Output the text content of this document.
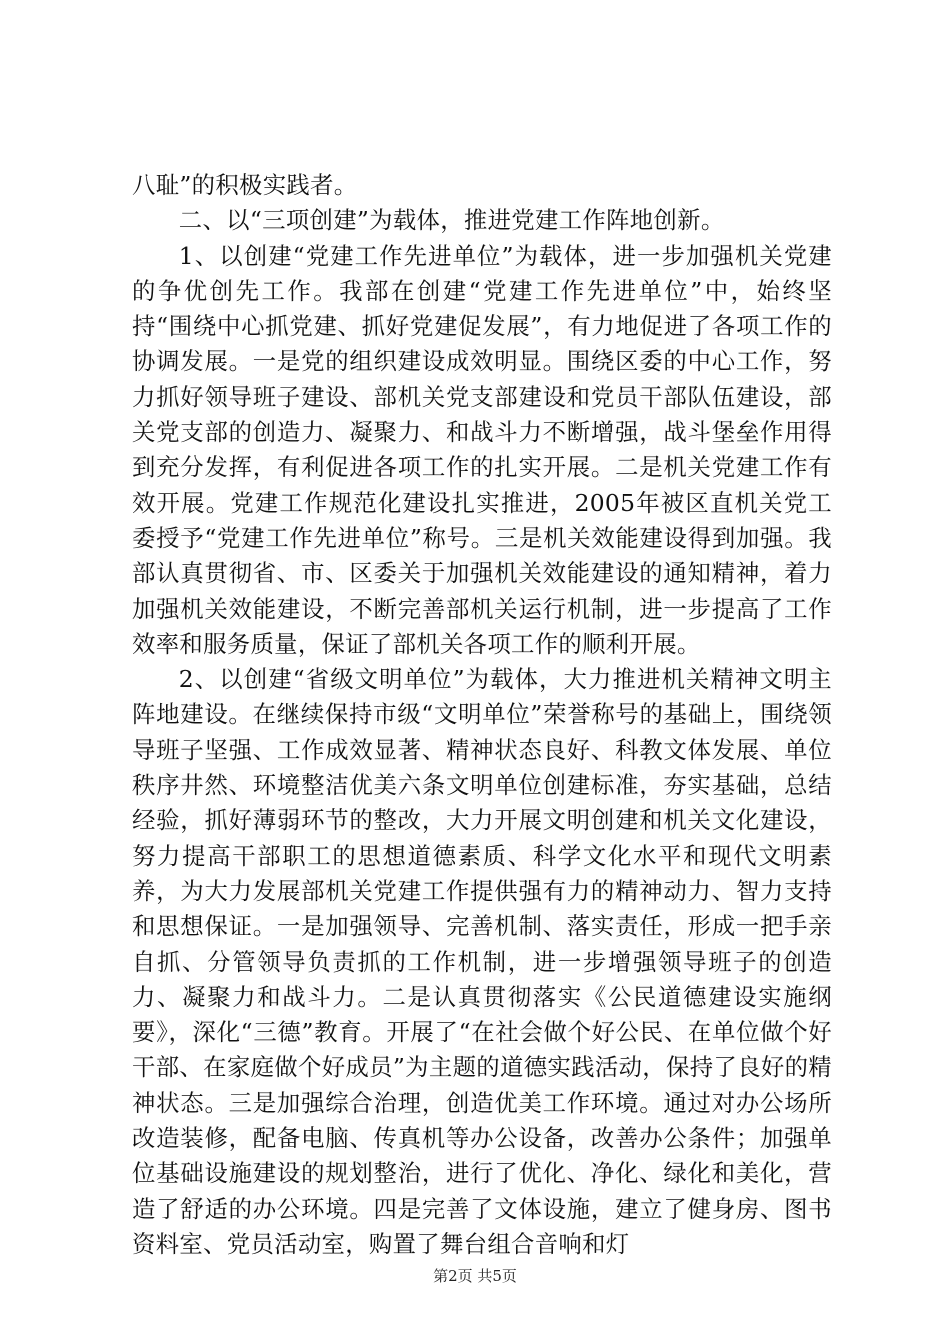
八耻”的积极实践者。

二、以“三项创建”为载体，推进党建工作阵地创新。

1、以创建“党建工作先进单位”为载体，进一步加强机关党建的争优创先工作。我部在创建“党建工作先进单位”中，始终坚持“围绕中心抓党建、抓好党建促发展”，有力地促进了各项工作的协调发展。一是党的组织建设成效明显。围绕区委的中心工作，努力抓好领导班子建设、部机关党支部建设和党员干部队伍建设，部关党支部的创造力、凝聚力、和战斗力不断增强，战斗堡垒作用得到充分发挥，有利促进各项工作的扎实开展。二是机关党建工作有效开展。党建工作规范化建设扎实推进，2005年被区直机关党工委授予“党建工作先进单位”称号。三是机关效能建设得到加强。我部认真贯彻省、市、区委关于加强机关效能建设的通知精神，着力加强机关效能建设，不断完善部机关运行机制，进一步提高了工作效率和服务质量，保证了部机关各项工作的顺利开展。

2、以创建“省级文明单位”为载体，大力推进机关精神文明主阵地建设。在继续保持市级“文明单位”荣誉称号的基础上，围绕领导班子坚强、工作成效显著、精神状态良好、科教文体发展、单位秩序井然、环境整洁优美六条文明单位创建标准，夯实基础，总结经验，抓好薄弱环节的整改，大力开展文明创建和机关文化建设，努力提高干部职工的思想道德素质、科学文化水平和现代文明素养，为大力发展部机关党建工作提供强有力的精神动力、智力支持和思想保证。一是加强领导、完善机制、落实责任，形成一把手亲自抓、分管领导负责抓的工作机制，进一步增强领导班子的创造力、凝聚力和战斗力。二是认真贯彻落实《公民道德建设实施纲要》，深化“三德”教育。开展了“在社会做个好公民、在单位做个好干部、在家庭做个好成员”为主题的道德实践活动，保持了良好的精神状态。三是加强综合治理，创造优美工作环境。通过对办公场所改造装修，配备电脑、传真机等办公设备，改善办公条件；加强单位基础设施建设的规划整治，进行了优化、净化、绿化和美化，营造了舒适的办公环境。四是完善了文体设施，建立了健身房、图书资料室、党员活动室，购置了舞台组合音响和灯

第2页 共5页
